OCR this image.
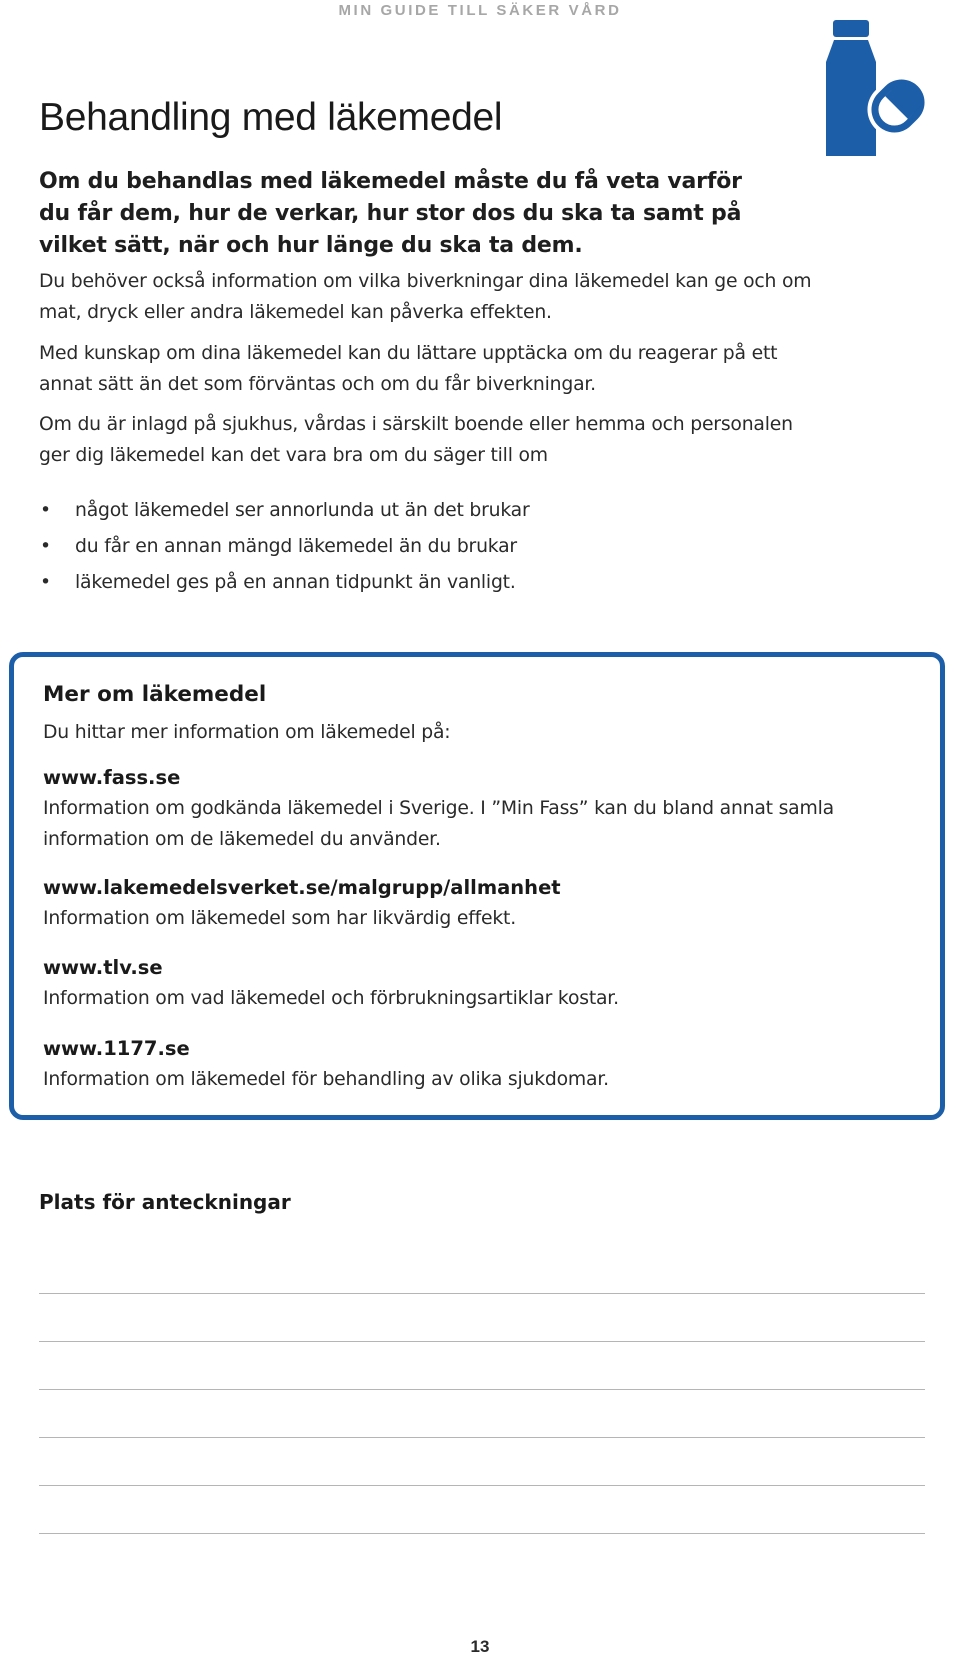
MIN GUIDE TILL SÄKER VÅRD
Behandling med läkemedel

Om du behandlas med läkemedel måste du få veta varför du får dem, hur de verkar, hur stor dos du ska ta samt på vilket sätt, när och hur länge du ska ta dem.

Du behöver också information om vilka biverkningar dina läkemedel kan ge och om mat, dryck eller andra läkemedel kan påverka effekten.

Med kunskap om dina läkemedel kan du lättare upptäcka om du reagerar på ett annat sätt än det som förväntas och om du får biverkningar.

Om du är inlagd på sjukhus, vårdas i särskilt boende eller hemma och personalen ger dig läkemedel kan det vara bra om du säger till om

• något läkemedel ser annorlunda ut än det brukar
• du får en annan mängd läkemedel än du brukar
• läkemedel ges på en annan tidpunkt än vanligt.

Mer om läkemedel

Du hittar mer information om läkemedel på:

www.fass.se

Information om godkända läkemedel i Sverige. I ”Min Fass” kan du bland annat samla information om de läkemedel du använder.

www.lakemedelsverket.se/malgrupp/allmanhet

Information om läkemedel som har likvärdig effekt.

www.tlv.se

Information om vad läkemedel och förbrukningsartiklar kostar.

www.1177.se

Information om läkemedel för behandling av olika sjukdomar.

Plats för anteckningar

13
